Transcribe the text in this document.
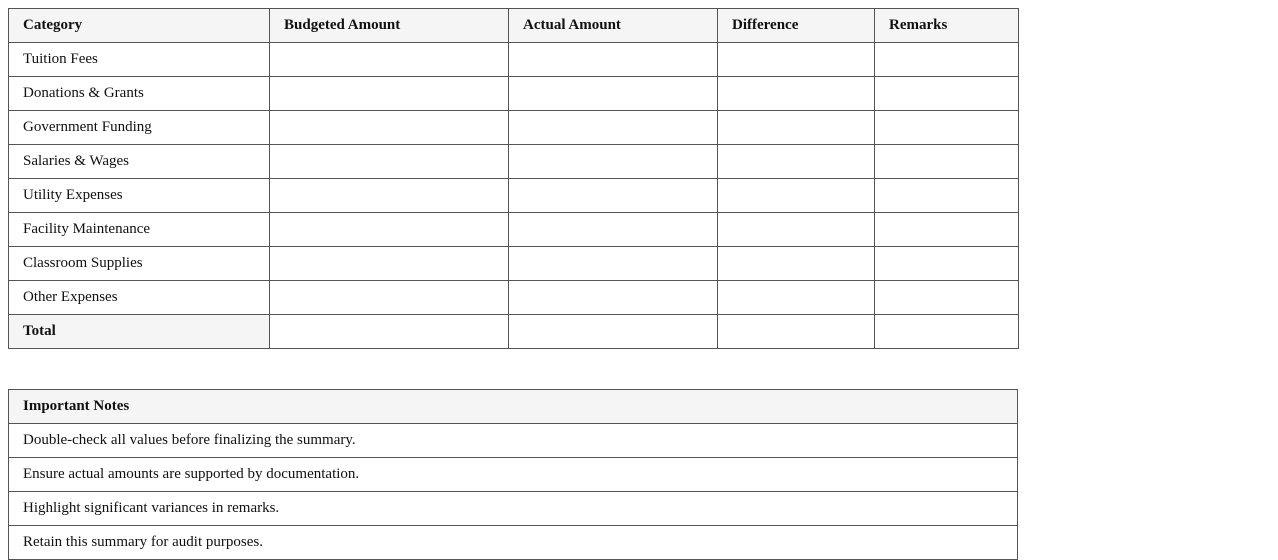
Category	Budgeted Amount	Actual Amount	Difference	Remarks
Tuition Fees				
Donations & Grants				
Government Funding				
Salaries & Wages				
Utility Expenses				
Facility Maintenance				
Classroom Supplies				
Other Expenses				
Total				
Important Notes
Double-check all values before finalizing the summary.
Ensure actual amounts are supported by documentation.
Highlight significant variances in remarks.
Retain this summary for audit purposes.
